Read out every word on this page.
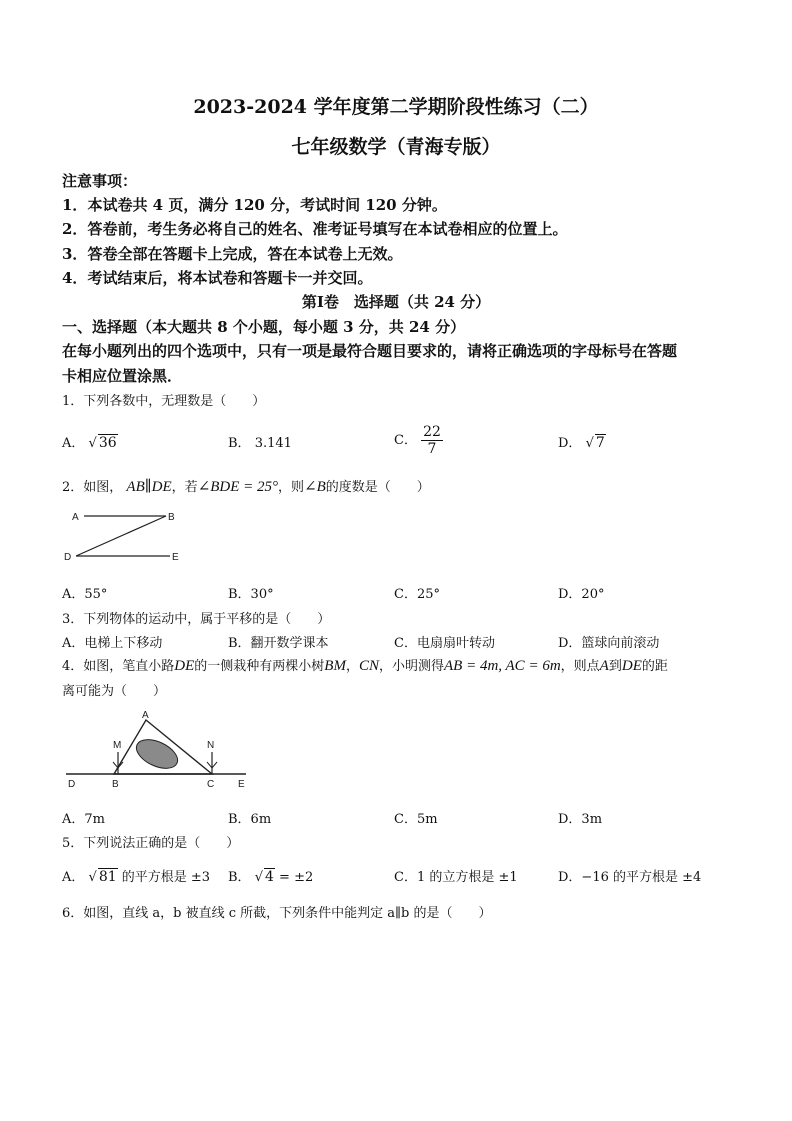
2023-2024 学年度第二学期阶段性练习（二）
七年级数学（青海专版）
注意事项：
1．本试卷共 4 页，满分 120 分，考试时间 120 分钟。
2．答卷前，考生务必将自己的姓名、准考证号填写在本试卷相应的位置上。
3．答卷全部在答题卡上完成，答在本试卷上无效。
4．考试结束后，将本试卷和答题卡一并交回。
第Ⅰ卷　选择题（共 24 分）
一、选择题（本大题共 8 个小题，每小题 3 分，共 24 分）
在每小题列出的四个选项中，只有一项是最符合题目要求的，请将正确选项的字母标号在答题
卡相应位置涂黑．
1．下列各数中，无理数是（　　）
A． √ 36	B． 3.141	C． $\frac{22}{7}$	D． √ 7
2．如图， AB∥DE，若∠BDE = 25°，则∠B的度数是（　　）
A	B
D	E
A．55°	B．30°	C．25°	D．20°
3．下列物体的运动中，属于平移的是（　　）
A．电梯上下移动	B．翻开数学课本	C．电扇扇叶转动	D．篮球向前滚动
4．如图，笔直小路DE的一侧栽种有两棵小树BM，CN，小明测得AB = 4m, AC = 6m，则点A到DE的距
离可能为（　　）
A
M	N
D	B	C E
A．7m	B．6m	C．5m	D．3m
5．下列说法正确的是（　　）
A． √ 81 的平方根是 ±3 B． √ 4 = ±2	C．1 的立方根是 ±1	D．−16 的平方根是 ±4
6．如图，直线 a，b 被直线 c 所截，下列条件中能判定 a∥b 的是（　　）
